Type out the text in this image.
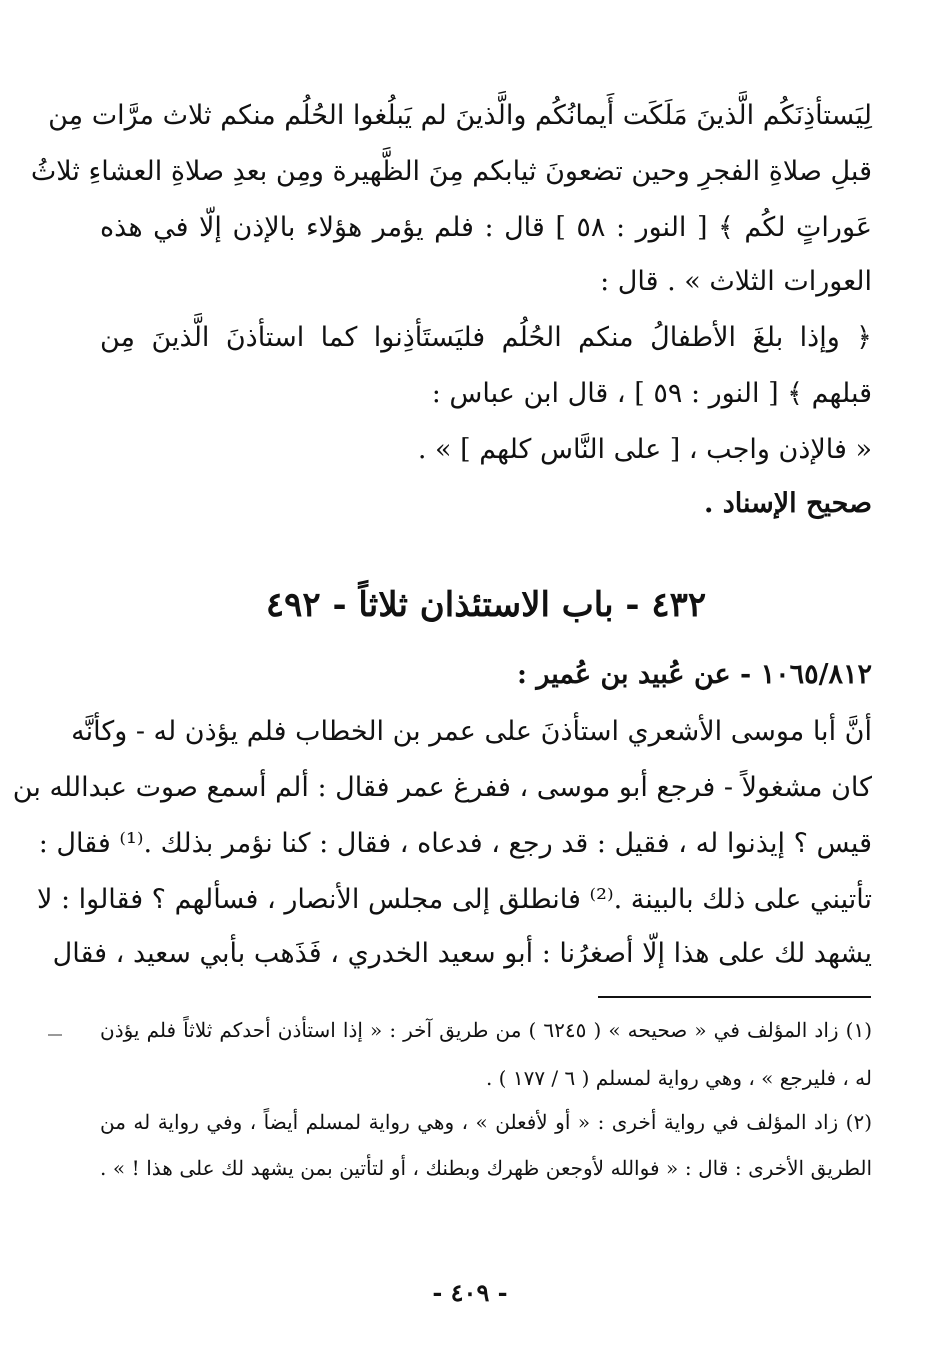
لِيَستأذِنَكُم الَّذينَ مَلَكَت أَيمانُكُم والَّذينَ لم يَبلُغوا الحُلُم منكم ثلاث مرَّات مِن
قبلِ صلاةِ الفجرِ وحين تضعونَ ثيابكم مِنَ الظَّهيرة ومِن بعدِ صلاةِ العشاءِ ثلاثُ
عَوراتٍ لكُم ﴾ [ النور : ٥٨ ] قال : فلم يؤمر هؤلاء بالإذن إلّا في هذه
العورات الثلاث » . قال :
﴿ وإذا بلغَ الأطفالُ منكم الحُلُم فليَستَأذِنوا كما استأذنَ الَّذينَ مِن
قبلهم ﴾ [ النور : ٥٩ ] ، قال ابن عباس :
« فالإذن واجب ، [ على النَّاس كلهم ] » .
صحيح الإسناد .
٤٣٢ - باب الاستئذان ثلاثاً - ٤٩٢
١٠٦٥/٨١٢ - عن عُبيد بن عُمير :
أنَّ أبا موسى الأشعري استأذنَ على عمر بن الخطاب فلم يؤذن له - وكأنَّه
كان مشغولاً - فرجع أبو موسى ، ففرغ عمر فقال : ألم أسمع صوت عبدالله بن
قيس ؟ إيذنوا له ، فقيل : قد رجع ، فدعاه ، فقال : كنا نؤمر بذلك .⁽¹⁾ فقال :
تأتيني على ذلك بالبينة .⁽²⁾ فانطلق إلى مجلس الأنصار ، فسألهم ؟ فقالوا : لا
يشهد لك على هذا إلّا أصغرُنا : أبو سعيد الخدري ، فَذَهب بأبي سعيد ، فقال
(١) زاد المؤلف في « صحيحه » ( ٦٢٤٥ ) من طريق آخر : « إذا استأذن أحدكم ثلاثاً فلم يؤذن
له ، فليرجع » ، وهي رواية لمسلم ( ٦ / ١٧٧ ) .
(٢) زاد المؤلف في رواية أخرى : « أو لأفعلن » ، وهي رواية لمسلم أيضاً ، وفي رواية له من
الطريق الأخرى : قال : « فوالله لأوجعن ظهرك وبطنك ، أو لتأتين بمن يشهد لك على هذا ! » .
- ٤٠٩ -
